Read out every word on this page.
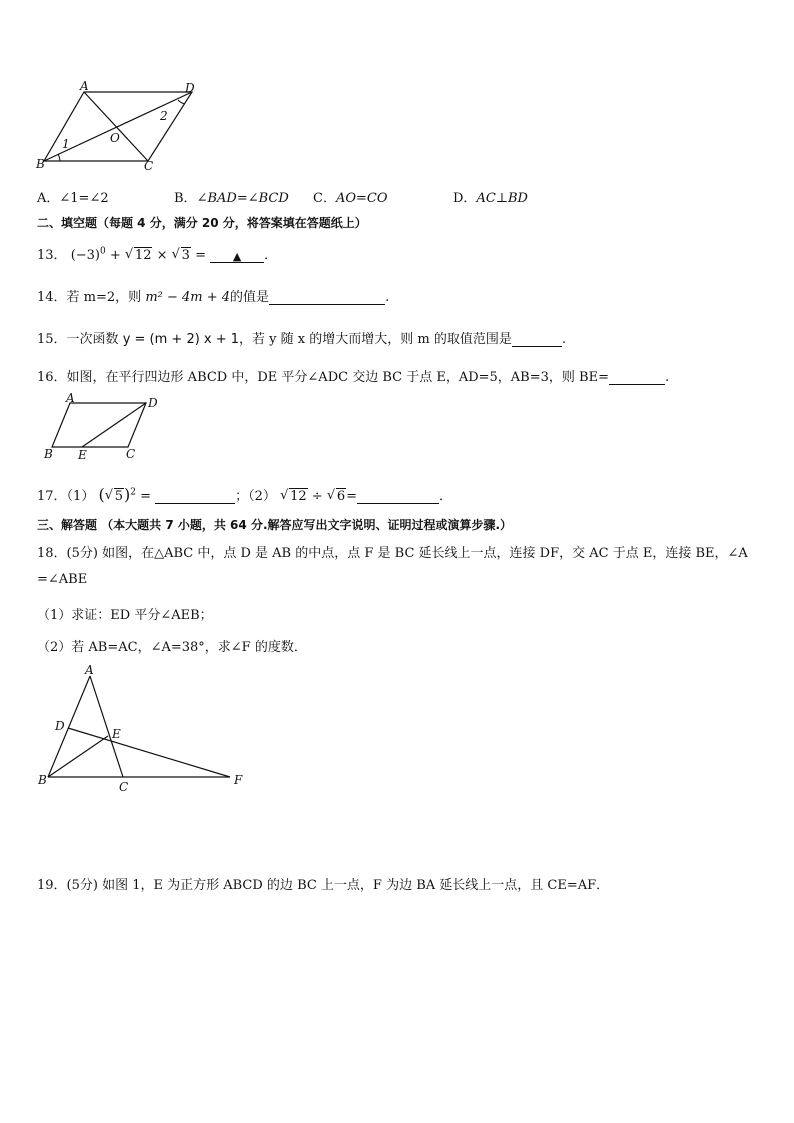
A	D
B	C
O
1
2
A．∠1=∠2	B．∠BAD=∠BCD C．AO=CO	D．AC⊥BD
二、填空题（每题 4 分，满分 20 分，将答案填在答题纸上）
13． $(-3)^0$ + √ 12 × √ 3 = ▲ ．
14．若 m=2，则 m² − 4m + 4的值是	.
15．一次函数 y = (m + 2) x + 1，若 y 随 x 的增大而增大，则 m 的取值范围是	.
16．如图，在平行四边形 ABCD 中，DE 平分∠ADC 交边 BC 于点 E，AD=5，AB=3，则 BE=	.
A	D
B E	C
17．（1） ( √ 5)$^2$ =	；（2） √ 12 ÷ √ 6=	．
三、解答题 （本大题共 7 小题，共 64 分.解答应写出文字说明、证明过程或演算步骤.）
18．(5分) 如图，在△ABC 中，点 D 是 AB 的中点，点 F 是 BC 延长线上一点，连接 DF，交 AC 于点 E，连接 BE，∠A
=∠ABE
（1）求证：ED 平分∠AEB；
（2）若 AB=AC，∠A=38°，求∠F 的度数．
A
D
E
B	C	F
19．(5分) 如图 1，E 为正方形 ABCD 的边 BC 上一点，F 为边 BA 延长线上一点，且 CE=AF．
